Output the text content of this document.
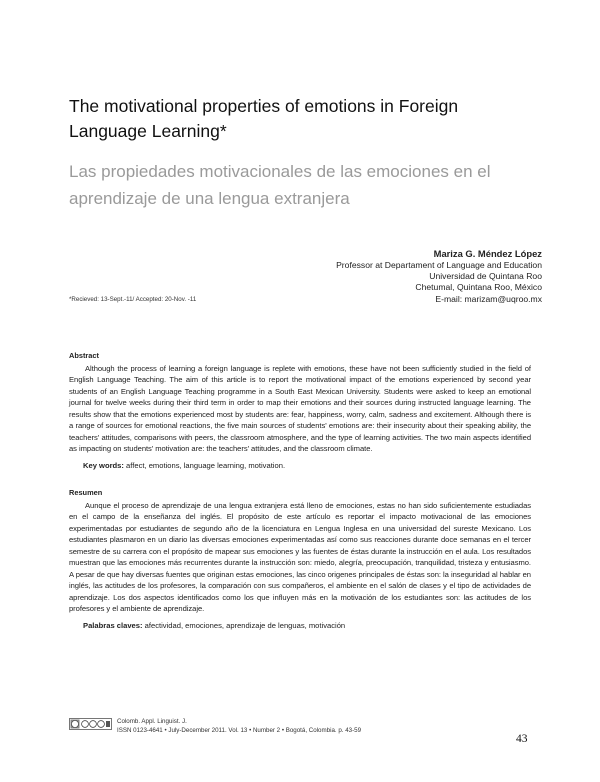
The motivational properties of emotions in Foreign
Language Learning*
Las propiedades motivacionales de las emociones en el
aprendizaje de una lengua extranjera
Mariza G. Méndez López
Professor at Departament of Language and Education
Universidad de Quintana Roo
Chetumal, Quintana Roo, México
E-mail: marizam@uqroo.mx
*Recieved: 13-Sept.-11/ Accepted: 20-Nov. -11
Abstract
Although the process of learning a foreign language is replete with emotions, these have not been sufficiently studied in the field of English Language Teaching. The aim of this article is to report the motivational impact of the emotions experienced by second year students of an English Language Teaching programme in a South East Mexican University. Students were asked to keep an emotional journal for twelve weeks during their third term in order to map their emotions and their sources during instructed language learning. The results show that the emotions experienced most by students are: fear, happiness, worry, calm, sadness and excitement. Although there is a range of sources for emotional reactions, the five main sources of students' emotions are: their insecurity about their speaking ability, the teachers' attitudes, comparisons with peers, the classroom atmosphere, and the type of learning activities. The two main aspects identified as impacting on students' motivation are: the teachers' attitudes, and the classroom climate.
Key words: affect, emotions, language learning, motivation.
Resumen
Aunque el proceso de aprendizaje de una lengua extranjera está lleno de emociones, estas no han sido suficientemente estudiadas en el campo de la enseñanza del inglés. El propósito de este artículo es reportar el impacto motivacional de las emociones experimentadas por estudiantes de segundo año de la licenciatura en Lengua Inglesa en una universidad del sureste Mexicano. Los estudiantes plasmaron en un diario las diversas emociones experimentadas así como sus reacciones durante doce semanas en el tercer semestre de su carrera con el propósito de mapear sus emociones y las fuentes de éstas durante la instrucción en el aula. Los resultados muestran que las emociones más recurrentes durante la instrucción son: miedo, alegría, preocupación, tranquilidad, tristeza y entusiasmo. A pesar de que hay diversas fuentes que originan estas emociones, las cinco origenes principales de éstas son: la inseguridad al hablar en inglés, las actitudes de los profesores, la comparación con sus compañeros, el ambiente en el salón de clases y el tipo de actividades de aprendizaje. Los dos aspectos identificados como los que influyen más en la motivación de los estudiantes son: las actitudes de los profesores y el ambiente de aprendizaje.
Palabras claves: afectividad, emociones, aprendizaje de lenguas, motivación
Colomb. Appl. Linguist. J.
ISSN 0123-4641 • July-December 2011. Vol. 13 • Number 2 • Bogotá, Colombia. p. 43-59
43
